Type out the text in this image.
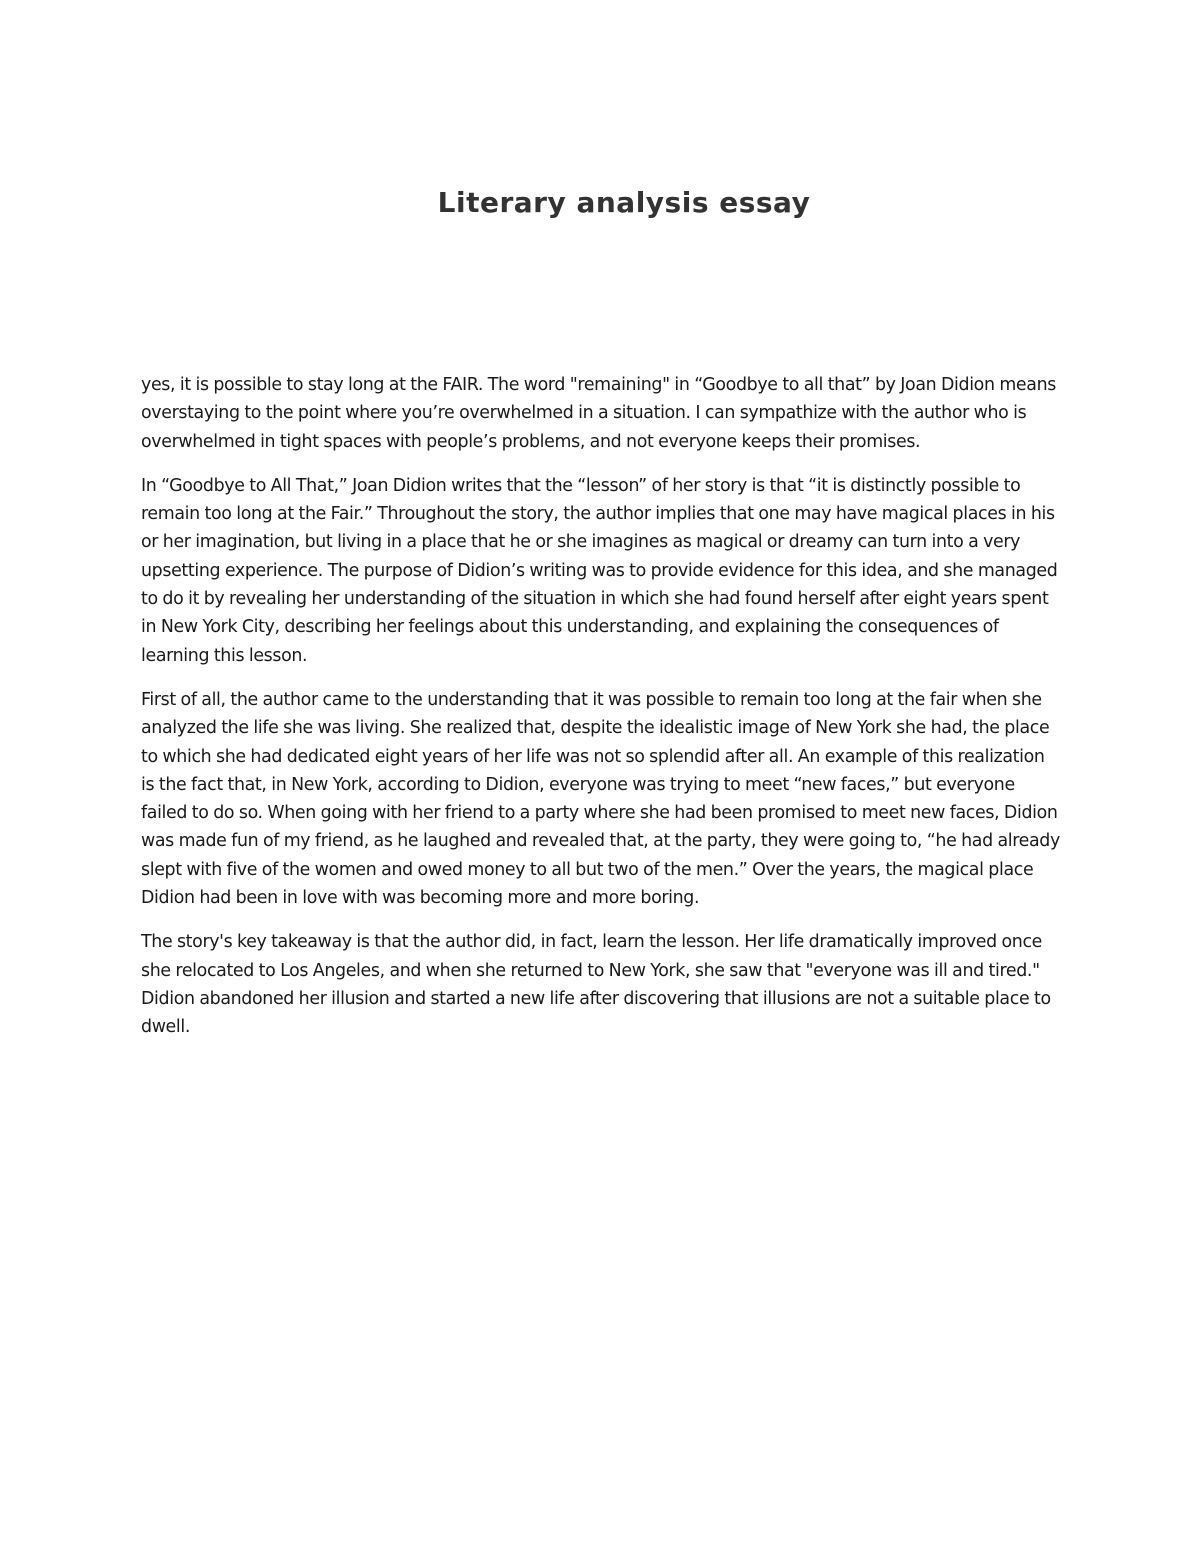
Literary analysis essay

yes, it is possible to stay long at the FAIR. The word "remaining" in “Goodbye to all that” by Joan Didion means overstaying to the point where you’re overwhelmed in a situation. I can sympathize with the author who is overwhelmed in tight spaces with people’s problems, and not everyone keeps their promises.

In “Goodbye to All That,” Joan Didion writes that the “lesson” of her story is that “it is distinctly possible to remain too long at the Fair.” Throughout the story, the author implies that one may have magical places in his or her imagination, but living in a place that he or she imagines as magical or dreamy can turn into a very upsetting experience. The purpose of Didion’s writing was to provide evidence for this idea, and she managed to do it by revealing her understanding of the situation in which she had found herself after eight years spent in New York City, describing her feelings about this understanding, and explaining the consequences of learning this lesson.

First of all, the author came to the understanding that it was possible to remain too long at the fair when she analyzed the life she was living. She realized that, despite the idealistic image of New York she had, the place to which she had dedicated eight years of her life was not so splendid after all. An example of this realization is the fact that, in New York, according to Didion, everyone was trying to meet “new faces,” but everyone failed to do so. When going with her friend to a party where she had been promised to meet new faces, Didion was made fun of my friend, as he laughed and revealed that, at the party, they were going to, “he had already slept with five of the women and owed money to all but two of the men.” Over the years, the magical place Didion had been in love with was becoming more and more boring.

The story's key takeaway is that the author did, in fact, learn the lesson. Her life dramatically improved once she relocated to Los Angeles, and when she returned to New York, she saw that "everyone was ill and tired." Didion abandoned her illusion and started a new life after discovering that illusions are not a suitable place to dwell.
